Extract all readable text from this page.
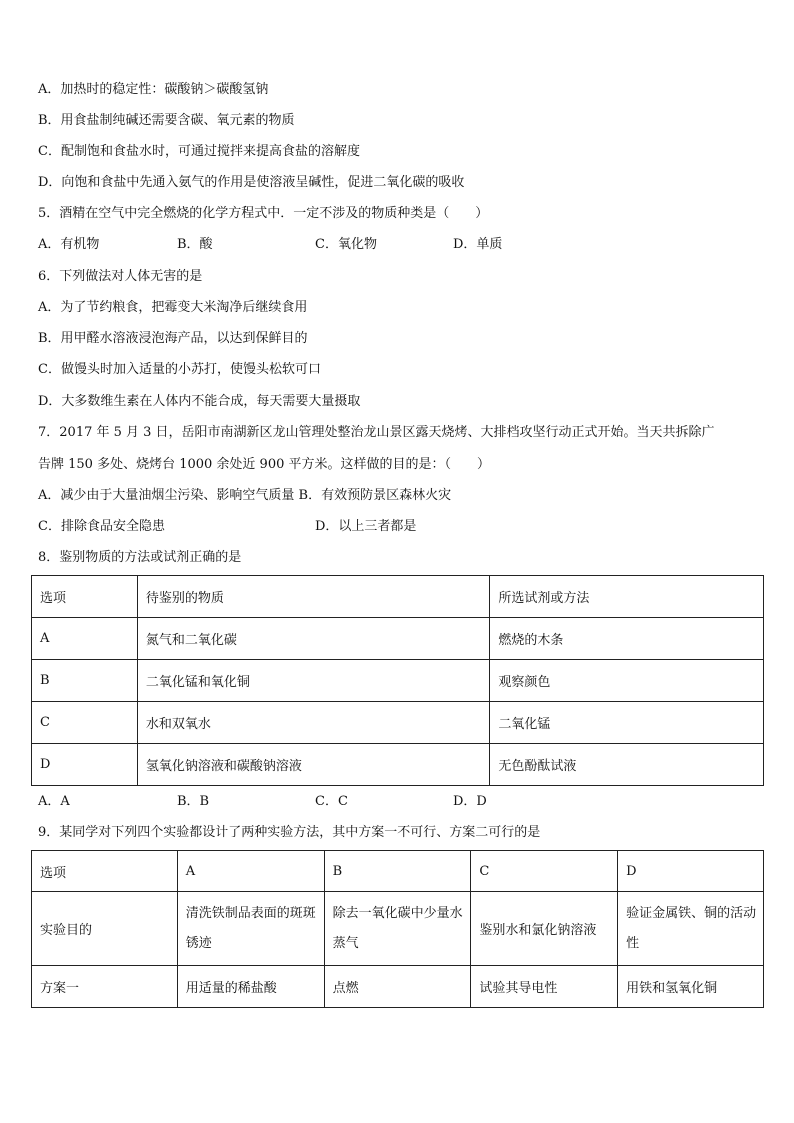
A．加热时的稳定性：碳酸钠＞碳酸氢钠
B．用食盐制纯碱还需要含碳、氧元素的物质
C．配制饱和食盐水时，可通过搅拌来提高食盐的溶解度
D．向饱和食盐中先通入氨气的作用是使溶液呈碱性，促进二氧化碳的吸收
5．酒精在空气中完全燃烧的化学方程式中．一定不涉及的物质种类是（　　）
A．有机物	B．酸	C．氧化物	D．单质
6．下列做法对人体无害的是
A．为了节约粮食，把霉变大米淘净后继续食用
B．用甲醛水溶液浸泡海产品，以达到保鲜目的
C．做馒头时加入适量的小苏打，使馒头松软可口
D．大多数维生素在人体内不能合成，每天需要大量摄取
7．2017 年 5 月 3 日，岳阳市南湖新区龙山管理处整治龙山景区露天烧烤、大排档攻坚行动正式开始。当天共拆除广
告牌 150 多处、烧烤台 1000 余处近 900 平方米。这样做的目的是：（　　）
A．减少由于大量油烟尘污染、影响空气质量 B．有效预防景区森林火灾
C．排除食品安全隐患	D．以上三者都是
8．鉴别物质的方法或试剂正确的是
选项	待鉴别的物质	所选试剂或方法
A	氮气和二氧化碳	燃烧的木条
B	二氧化锰和氧化铜	观察颜色
C	水和双氧水	二氧化锰
D	氢氧化钠溶液和碳酸钠溶液	无色酚酞试液
A．A	B．B	C．C	D．D
9．某同学对下列四个实验都设计了两种实验方法，其中方案一不可行、方案二可行的是
选项	A	B	C	D
实验目的	清洗铁制品表面的斑斑锈迹	除去一氧化碳中少量水蒸气	鉴别水和氯化钠溶液	验证金属铁、铜的活动性
方案一	用适量的稀盐酸	点燃	试验其导电性	用铁和氢氧化铜
